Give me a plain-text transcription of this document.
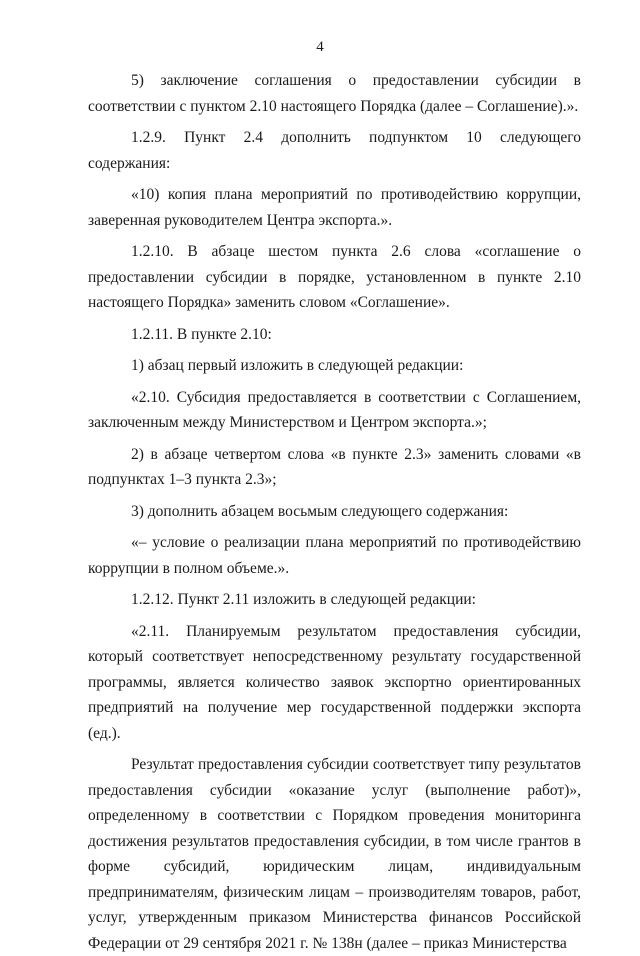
4

5) заключение соглашения о предоставлении субсидии в соответствии с пунктом 2.10 настоящего Порядка (далее – Соглашение).».

1.2.9. Пункт 2.4 дополнить подпунктом 10 следующего содержания:

«10) копия плана мероприятий по противодействию коррупции, заверенная руководителем Центра экспорта.».

1.2.10. В абзаце шестом пункта 2.6 слова «соглашение о предоставлении субсидии в порядке, установленном в пункте 2.10 настоящего Порядка» заменить словом «Соглашение».

1.2.11. В пункте 2.10:

1) абзац первый изложить в следующей редакции:

«2.10. Субсидия предоставляется в соответствии с Соглашением, заключенным между Министерством и Центром экспорта.»;

2) в абзаце четвертом слова «в пункте 2.3» заменить словами «в подпунктах 1–3 пункта 2.3»;

3) дополнить абзацем восьмым следующего содержания:

«– условие о реализации плана мероприятий по противодействию коррупции в полном объеме.».

1.2.12. Пункт 2.11 изложить в следующей редакции:

«2.11. Планируемым результатом предоставления субсидии, который соответствует непосредственному результату государственной программы, является количество заявок экспортно ориентированных предприятий на получение мер государственной поддержки экспорта (ед.).

Результат предоставления субсидии соответствует типу результатов предоставления субсидии «оказание услуг (выполнение работ)», определенному в соответствии с Порядком проведения мониторинга достижения результатов предоставления субсидии, в том числе грантов в форме субсидий, юридическим лицам, индивидуальным предпринимателям, физическим лицам – производителям товаров, работ, услуг, утвержденным приказом Министерства финансов Российской Федерации от 29 сентября 2021 г. № 138н (далее – приказ Министерства
